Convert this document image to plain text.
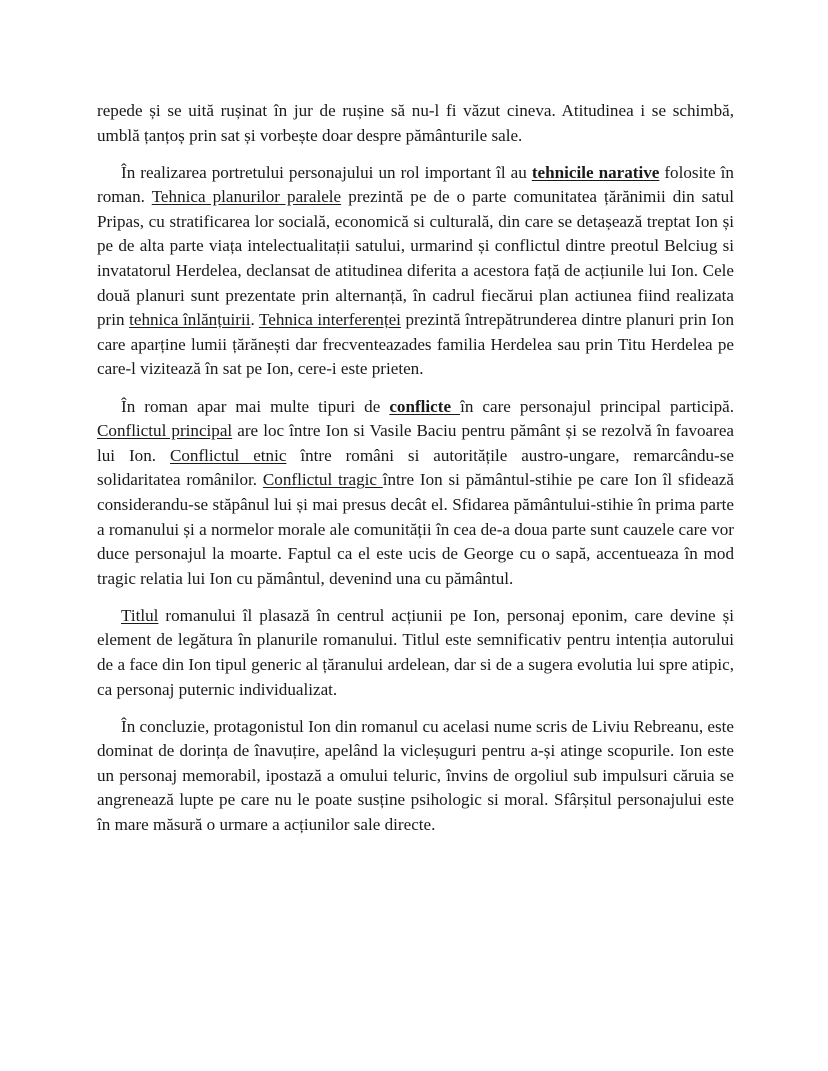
repede și se uită rușinat în jur de rușine să nu-l fi văzut cineva. Atitudinea i se schimbă, umblă țanțoș prin sat și vorbește doar despre pământurile sale.

În realizarea portretului personajului un rol important îl au tehnicile narative folosite în roman. Tehnica planurilor paralele prezintă pe de o parte comunitatea țărănimii din satul Pripas, cu stratificarea lor socială, economică si culturală, din care se detașează treptat Ion și pe de alta parte viața intelectualitații satului, urmarind și conflictul dintre preotul Belciug si invatatorul Herdelea, declansat de atitudinea diferita a acestora față de acțiunile lui Ion. Cele două planuri sunt prezentate prin alternanță, în cadrul fiecărui plan actiunea fiind realizata prin tehnica înlănțuirii. Tehnica interferenței prezintă întrepătrunderea dintre planuri prin Ion care aparține lumii țărănești dar frecventeazades familia Herdelea sau prin Titu Herdelea pe care-l vizitează în sat pe Ion, cere-i este prieten.

În roman apar mai multe tipuri de conflicte în care personajul principal participă. Conflictul principal are loc între Ion si Vasile Baciu pentru pământ și se rezolvă în favoarea lui Ion. Conflictul etnic între români si autoritățile austro-ungare, remarcându-se solidaritatea românilor. Conflictul tragic între Ion si pământul-stihie pe care Ion îl sfidează considerandu-se stăpânul lui și mai presus decât el. Sfidarea pământului-stihie în prima parte a romanului și a normelor morale ale comunității în cea de-a doua parte sunt cauzele care vor duce personajul la moarte. Faptul ca el este ucis de George cu o sapă, accentueaza în mod tragic relatia lui Ion cu pământul, devenind una cu pământul.

Titlul romanului îl plasază în centrul acțiunii pe Ion, personaj eponim, care devine și element de legătura în planurile romanului. Titlul este semnificativ pentru intenția autorului de a face din Ion tipul generic al țăranului ardelean, dar si de a sugera evolutia lui spre atipic, ca personaj puternic individualizat.

În concluzie, protagonistul Ion din romanul cu acelasi nume scris de Liviu Rebreanu, este dominat de dorința de înavuțire, apelând la vicleșuguri pentru a-și atinge scopurile. Ion este un personaj memorabil, ipostază a omului teluric, învins de orgoliul sub impulsuri căruia se angrenează lupte pe care nu le poate susține psihologic si moral. Sfârșitul personajului este în mare măsură o urmare a acțiunilor sale directe.
